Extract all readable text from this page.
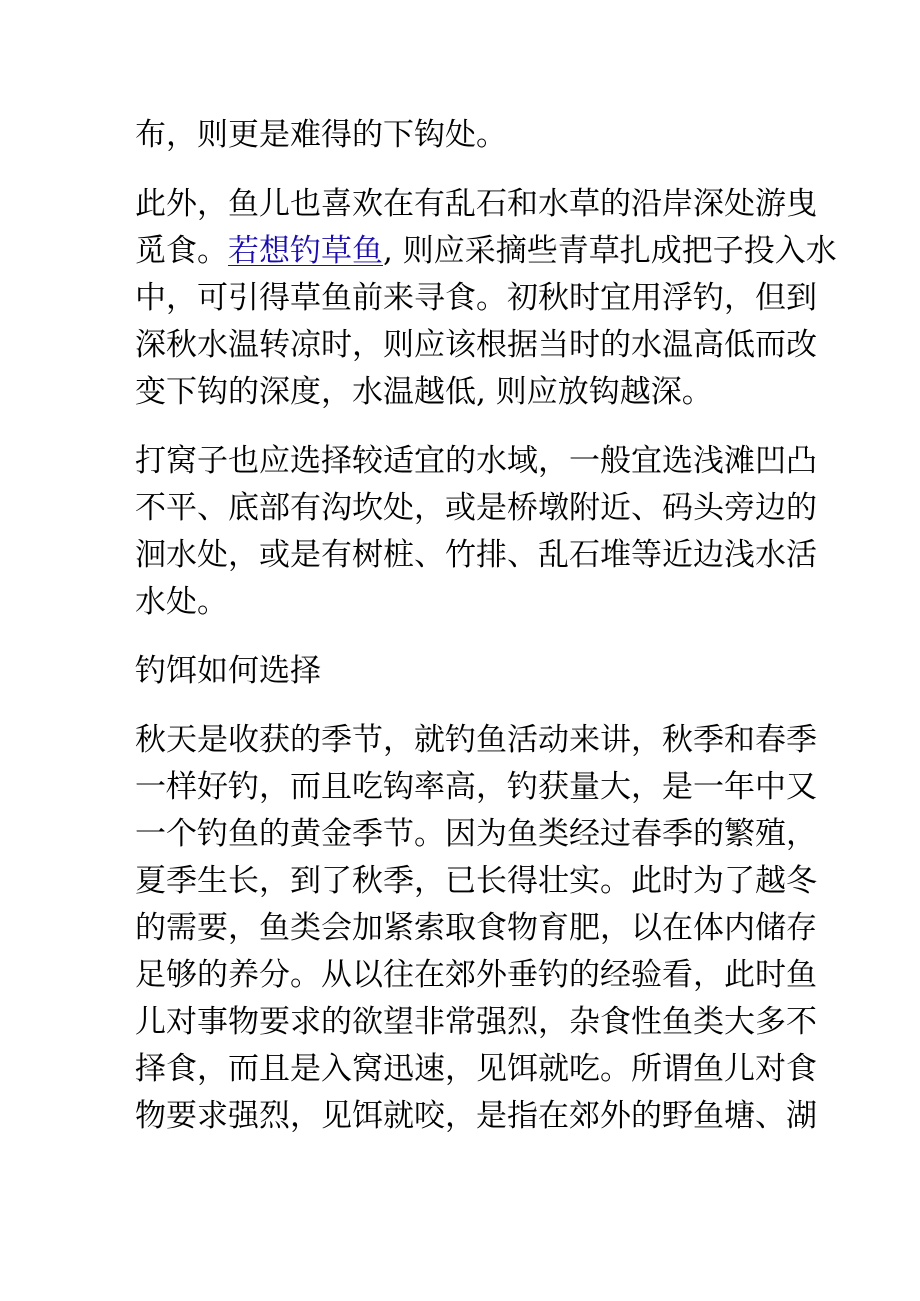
布，则更是难得的下钩处。

此外，鱼儿也喜欢在有乱石和水草的沿岸深处游曳
觅食。若想钓草鱼, 则应采摘些青草扎成把子投入水
中，可引得草鱼前来寻食。初秋时宜用浮钓，但到
深秋水温转凉时，则应该根据当时的水温高低而改
变下钩的深度，水温越低, 则应放钩越深。

打窝子也应选择较适宜的水域，一般宜选浅滩凹凸
不平、底部有沟坎处，或是桥墩附近、码头旁边的
洄水处，或是有树桩、竹排、乱石堆等近边浅水活
水处。

钓饵如何选择

秋天是收获的季节，就钓鱼活动来讲，秋季和春季
一样好钓，而且吃钩率高，钓获量大，是一年中又
一个钓鱼的黄金季节。因为鱼类经过春季的繁殖，
夏季生长，到了秋季，已长得壮实。此时为了越冬
的需要，鱼类会加紧索取食物育肥，以在体内储存
足够的养分。从以往在郊外垂钓的经验看，此时鱼
儿对事物要求的欲望非常强烈，杂食性鱼类大多不
择食，而且是入窝迅速，见饵就吃。所谓鱼儿对食
物要求强烈，见饵就咬，是指在郊外的野鱼塘、湖
